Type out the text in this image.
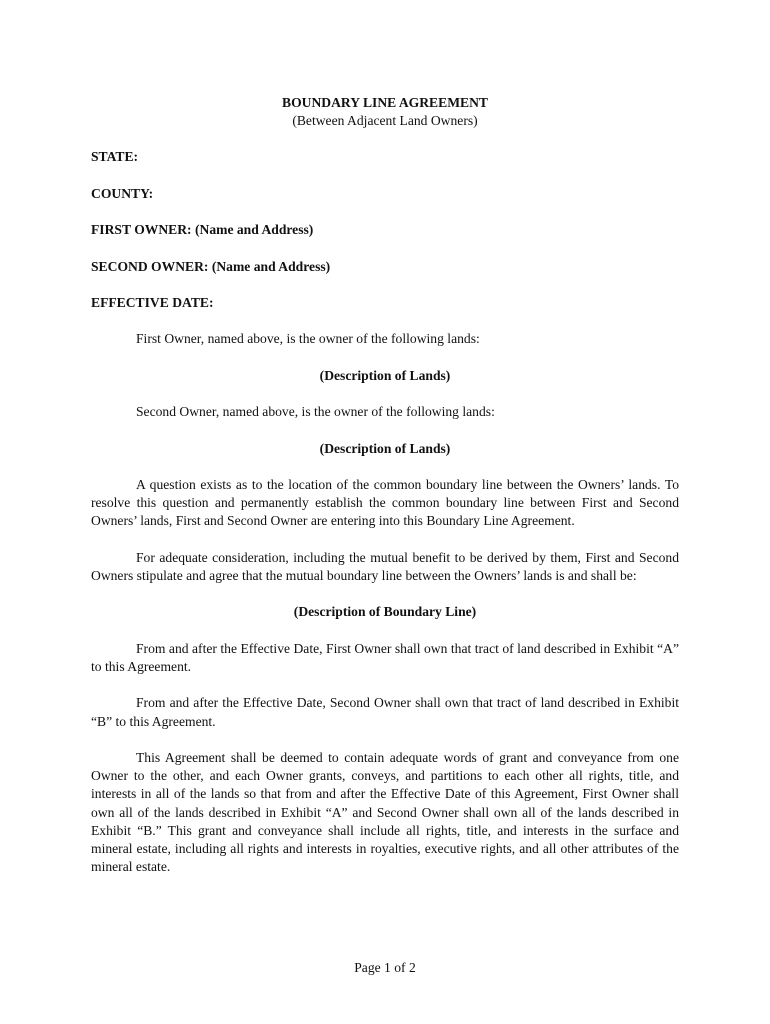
BOUNDARY LINE AGREEMENT
(Between Adjacent Land Owners)
STATE:
COUNTY:
FIRST OWNER: (Name and Address)
SECOND OWNER: (Name and Address)
EFFECTIVE DATE:

First Owner, named above, is the owner of the following lands:

(Description of Lands)

Second Owner, named above, is the owner of the following lands:

(Description of Lands)

A question exists as to the location of the common boundary line between the Owners’ lands. To resolve this question and permanently establish the common boundary line between First and Second Owners’ lands, First and Second Owner are entering into this Boundary Line Agreement.

For adequate consideration, including the mutual benefit to be derived by them, First and Second Owners stipulate and agree that the mutual boundary line between the Owners’ lands is and shall be:

(Description of Boundary Line)

From and after the Effective Date, First Owner shall own that tract of land described in Exhibit “A” to this Agreement.

From and after the Effective Date, Second Owner shall own that tract of land described in Exhibit “B” to this Agreement.

This Agreement shall be deemed to contain adequate words of grant and conveyance from one Owner to the other, and each Owner grants, conveys, and partitions to each other all rights, title, and interests in all of the lands so that from and after the Effective Date of this Agreement, First Owner shall own all of the lands described in Exhibit “A” and Second Owner shall own all of the lands described in Exhibit “B.” This grant and conveyance shall include all rights, title, and interests in the surface and mineral estate, including all rights and interests in royalties, executive rights, and all other attributes of the mineral estate.

Page 1 of 2
